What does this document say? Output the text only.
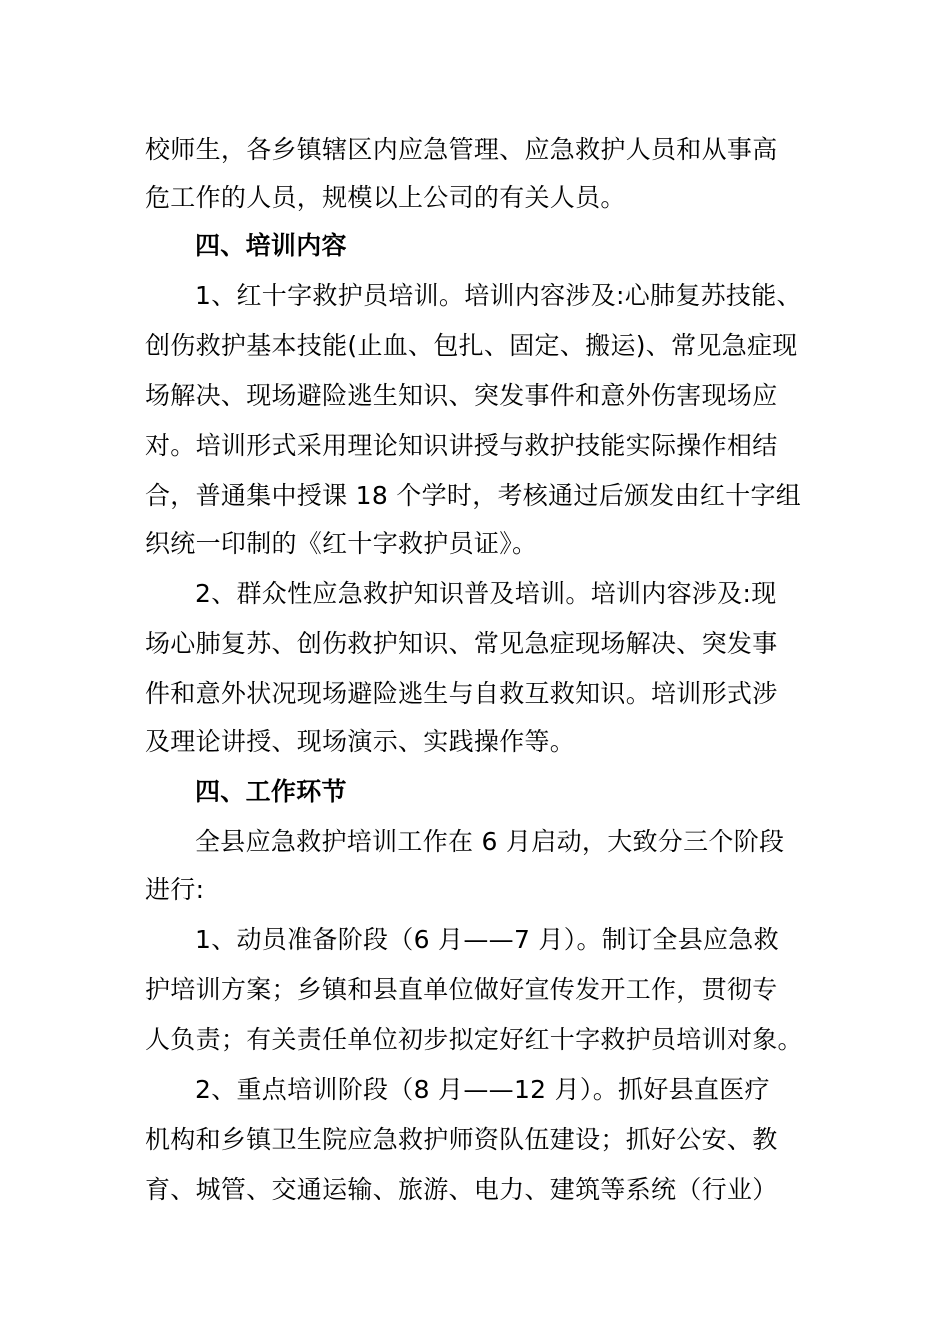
校师生，各乡镇辖区内应急管理、应急救护人员和从事高
危工作的人员，规模以上公司的有关人员。
四、培训内容
1、红十字救护员培训。培训内容涉及:心肺复苏技能、
创伤救护基本技能(止血、包扎、固定、搬运)、常见急症现
场解决、现场避险逃生知识、突发事件和意外伤害现场应
对。培训形式采用理论知识讲授与救护技能实际操作相结
合，普通集中授课 18 个学时，考核通过后颁发由红十字组
织统一印制的《红十字救护员证》。
2、群众性应急救护知识普及培训。培训内容涉及:现
场心肺复苏、创伤救护知识、常见急症现场解决、突发事
件和意外状况现场避险逃生与自救互救知识。培训形式涉
及理论讲授、现场演示、实践操作等。
四、工作环节
全县应急救护培训工作在 6 月启动，大致分三个阶段
进行:
1、动员准备阶段（6 月——7 月）。制订全县应急救
护培训方案；乡镇和县直单位做好宣传发开工作，贯彻专
人负责；有关责任单位初步拟定好红十字救护员培训对象。
2、重点培训阶段（8 月——12 月）。抓好县直医疗
机构和乡镇卫生院应急救护师资队伍建设；抓好公安、教
育、城管、交通运输、旅游、电力、建筑等系统（行业）
